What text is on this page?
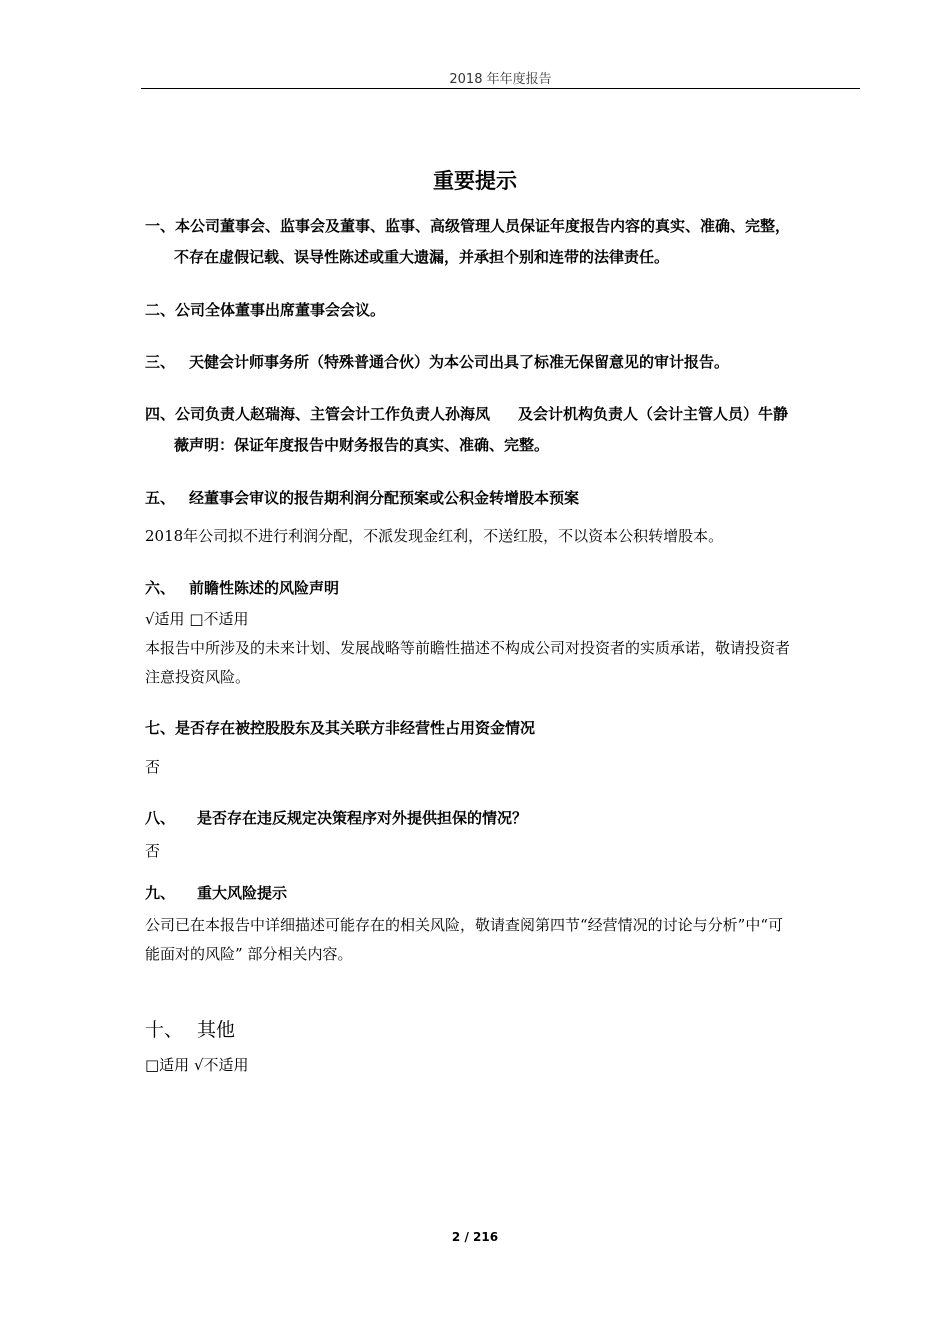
2018 年年度报告
重要提示
一、本公司董事会、监事会及董事、监事、高级管理人员保证年度报告内容的真实、准确、完整，
不存在虚假记载、误导性陈述或重大遗漏，并承担个别和连带的法律责任。
二、公司全体董事出席董事会会议。
三、 天健会计师事务所（特殊普通合伙）为本公司出具了标准无保留意见的审计报告。
四、公司负责人赵瑞海、主管会计工作负责人孙海凤 及会计机构负责人（会计主管人员）牛静
薇声明：保证年度报告中财务报告的真实、准确、完整。
五、 经董事会审议的报告期利润分配预案或公积金转增股本预案
2018年公司拟不进行利润分配，不派发现金红利，不送红股，不以资本公积转增股本。
六、 前瞻性陈述的风险声明
√适用 □不适用
本报告中所涉及的未来计划、发展战略等前瞻性描述不构成公司对投资者的实质承诺，敬请投资者
注意投资风险。
七、是否存在被控股股东及其关联方非经营性占用资金情况
否
八、 是否存在违反规定决策程序对外提供担保的情况？
否
九、 重大风险提示
公司已在本报告中详细描述可能存在的相关风险，敬请查阅第四节“经营情况的讨论与分析”中“可
能面对的风险” 部分相关内容。
十、 其他
□适用 √不适用
2 / 216
